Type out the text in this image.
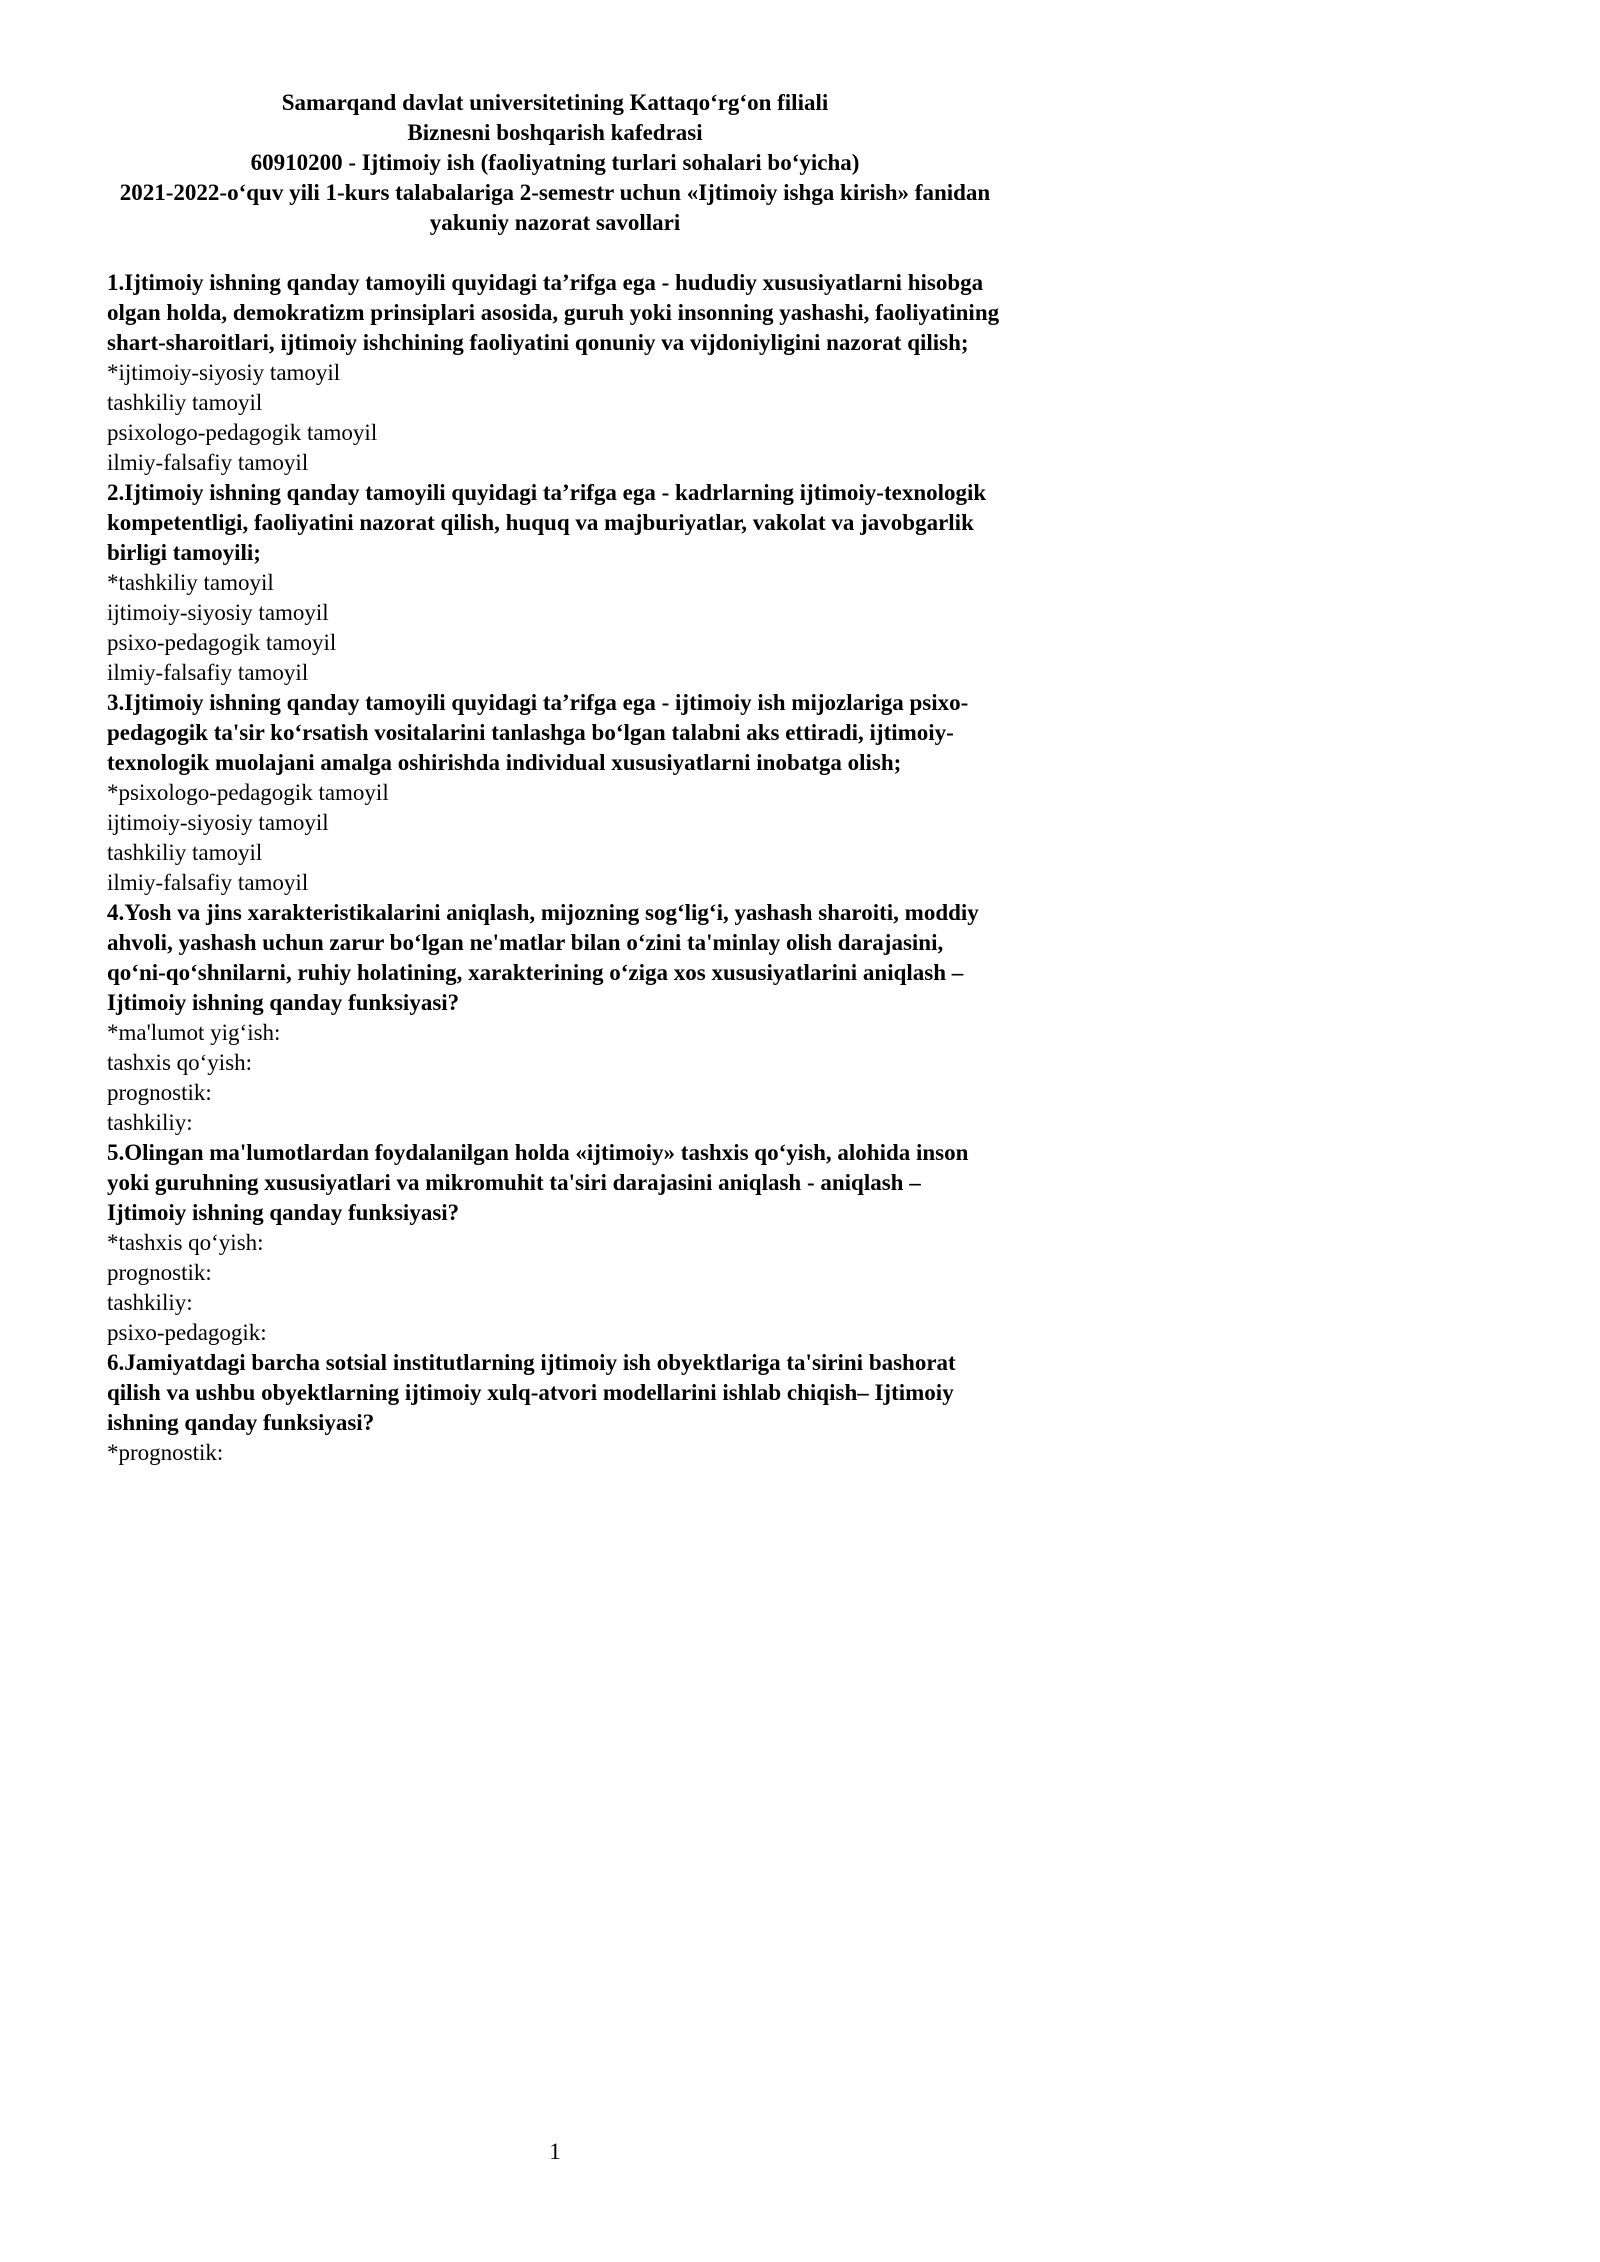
Samarqand davlat universitetining Kattaqoʻrgʻon filiali

Biznesni boshqarish kafedrasi

60910200 - Ijtimoiy ish (faoliyatning turlari sohalari boʻyicha)

2021-2022-oʻquv yili 1-kurs talabalariga 2-semestr uchun «Ijtimoiy ishga kirish» fanidan yakuniy nazorat savollari

1.Ijtimoiy ishning qanday tamoyili quyidagi ta’rifga ega - hududiy xususiyatlarni hisobga olgan holda, demokratizm prinsiplari asosida, guruh yoki insonning yashashi, faoliyatining shart-sharoitlari, ijtimoiy ishchining faoliyatini qonuniy va vijdoniyligini nazorat qilish;

*ijtimoiy-siyosiy tamoyil

tashkiliy tamoyil

psixologo-pedagogik tamoyil

ilmiy-falsafiy tamoyil

2.Ijtimoiy ishning qanday tamoyili quyidagi ta’rifga ega - kadrlarning ijtimoiy-texnologik kompetentligi, faoliyatini nazorat qilish, huquq va majburiyatlar, vakolat va javobgarlik birligi tamoyili;

*tashkiliy tamoyil

ijtimoiy-siyosiy tamoyil

psixo-pedagogik tamoyil

ilmiy-falsafiy tamoyil

3.Ijtimoiy ishning qanday tamoyili quyidagi ta’rifga ega - ijtimoiy ish mijozlariga psixo-pedagogik ta'sir koʻrsatish vositalarini tanlashga boʻlgan talabni aks ettiradi, ijtimoiy- texnologik muolajani amalga oshirishda individual xususiyatlarni inobatga olish;

*psixologo-pedagogik tamoyil

ijtimoiy-siyosiy tamoyil

tashkiliy tamoyil

ilmiy-falsafiy tamoyil

4.Yosh va jins xarakteristikalarini aniqlash, mijozning sogʻligʻi, yashash sharoiti, moddiy ahvoli, yashash uchun zarur boʻlgan ne'matlar bilan oʻzini ta'minlay olish darajasini, qoʻni-qoʻshnilarni, ruhiy holatining, xarakterining oʻziga xos xususiyatlarini aniqlash – Ijtimoiy ishning qanday funksiyasi?

*ma'lumot yigʻish:

tashxis qoʻyish:

prognostik:

tashkiliy:

5.Olingan ma'lumotlardan foydalanilgan holda «ijtimoiy» tashxis qoʻyish, alohida inson yoki guruhning xususiyatlari va mikromuhit ta'siri darajasini aniqlash - aniqlash – Ijtimoiy ishning qanday funksiyasi?

*tashxis qoʻyish:

prognostik:

tashkiliy:

psixo-pedagogik:

6.Jamiyatdagi barcha sotsial institutlarning ijtimoiy ish obyektlariga ta'sirini bashorat qilish va ushbu obyektlarning ijtimoiy xulq-atvori modellarini ishlab chiqish– Ijtimoiy ishning qanday funksiyasi?

*prognostik:

1
